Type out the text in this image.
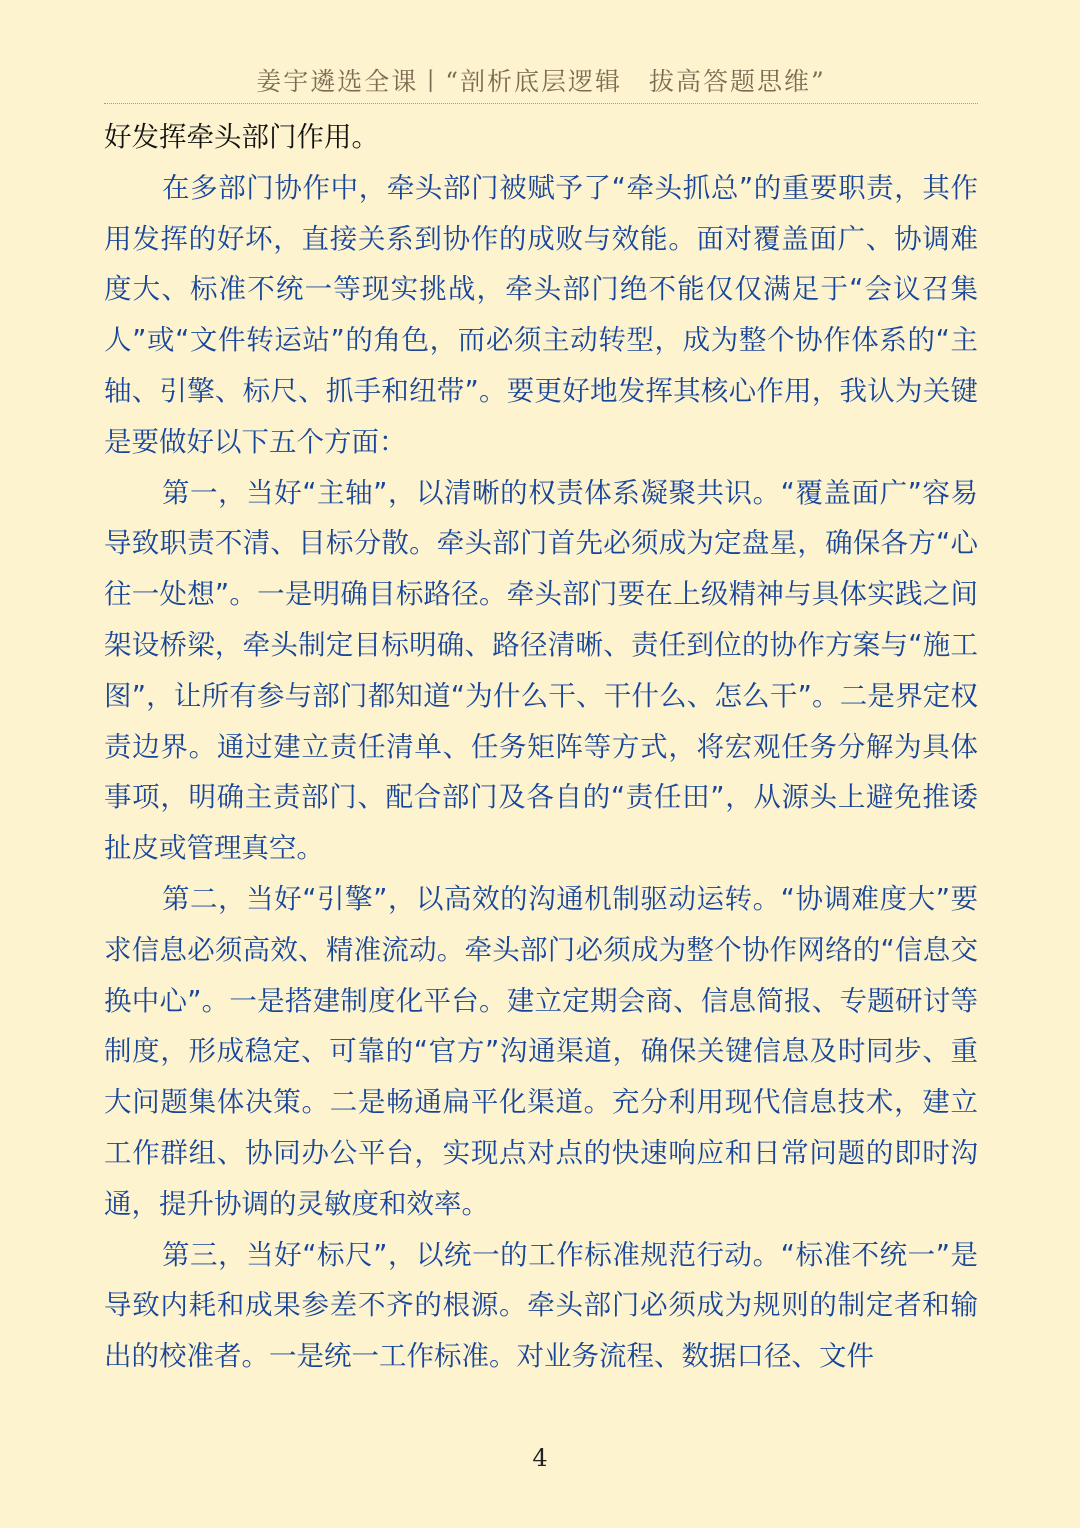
姜宇遴选全课丨“剖析底层逻辑　拔高答题思维”

好发挥牵头部门作用。

在多部门协作中，牵头部门被赋予了“牵头抓总”的重要职责，其作用发挥的好坏，直接关系到协作的成败与效能。面对覆盖面广、协调难度大、标准不统一等现实挑战，牵头部门绝不能仅仅满足于“会议召集人”或“文件转运站”的角色，而必须主动转型，成为整个协作体系的“主轴、引擎、标尺、抓手和纽带”。要更好地发挥其核心作用，我认为关键是要做好以下五个方面：

第一，当好“主轴”，以清晰的权责体系凝聚共识。“覆盖面广”容易导致职责不清、目标分散。牵头部门首先必须成为定盘星，确保各方“心往一处想”。一是明确目标路径。牵头部门要在上级精神与具体实践之间架设桥梁，牵头制定目标明确、路径清晰、责任到位的协作方案与“施工图”，让所有参与部门都知道“为什么干、干什么、怎么干”。二是界定权责边界。通过建立责任清单、任务矩阵等方式，将宏观任务分解为具体事项，明确主责部门、配合部门及各自的“责任田”，从源头上避免推诿扯皮或管理真空。

第二，当好“引擎”，以高效的沟通机制驱动运转。“协调难度大”要求信息必须高效、精准流动。牵头部门必须成为整个协作网络的“信息交换中心”。一是搭建制度化平台。建立定期会商、信息简报、专题研讨等制度，形成稳定、可靠的“官方”沟通渠道，确保关键信息及时同步、重大问题集体决策。二是畅通扁平化渠道。充分利用现代信息技术，建立工作群组、协同办公平台，实现点对点的快速响应和日常问题的即时沟通，提升协调的灵敏度和效率。

第三，当好“标尺”，以统一的工作标准规范行动。“标准不统一”是导致内耗和成果参差不齐的根源。牵头部门必须成为规则的制定者和输出的校准者。一是统一工作标准。对业务流程、数据口径、文件

4
